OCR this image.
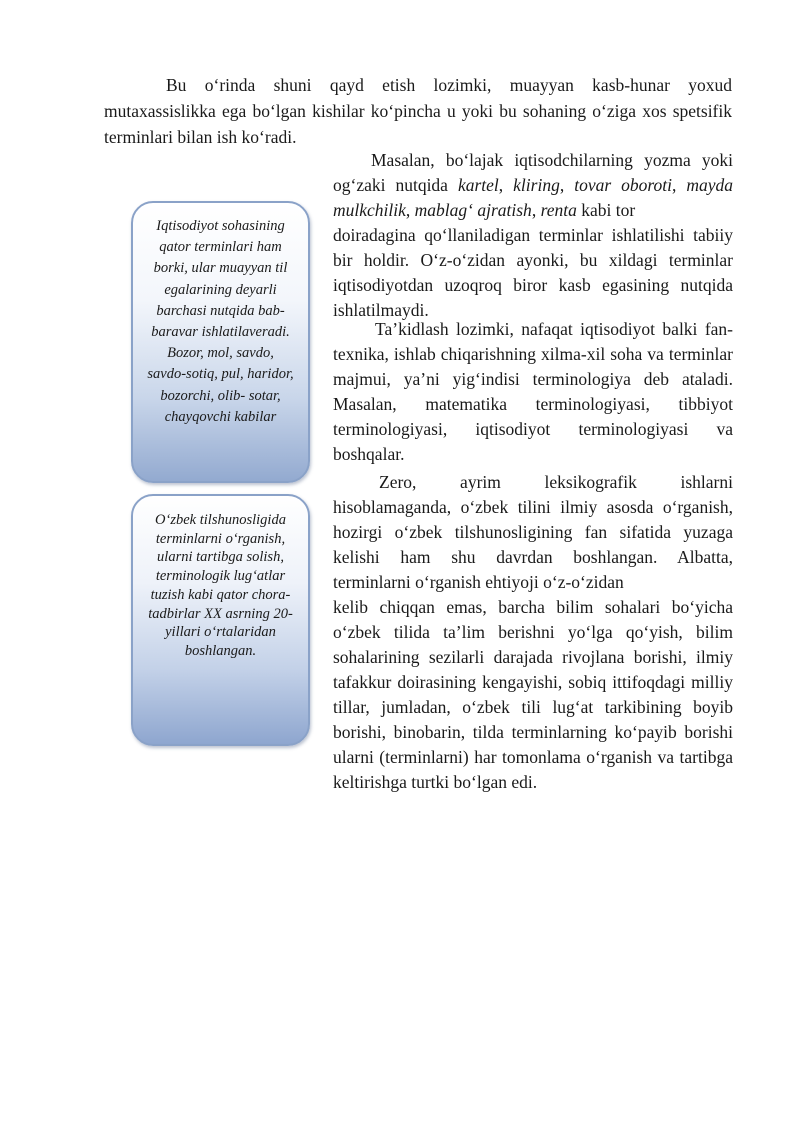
Bu o‘rinda shuni qayd etish lozimki, muayyan kasb-hunar yoxud mutaxassislikka ega bo‘lgan kishilar ko‘pincha u yoki bu sohaning o‘ziga xos spetsifik terminlari bilan ish ko‘radi.

Masalan, bo‘lajak iqtisodchilarning yozma yoki og‘zaki nutqida kartel, kliring, tovar oboroti, mayda mulkchilik, mablag‘ ajratish, renta kabi tor

doiradagina qo‘llaniladigan terminlar ishlatilishi tabiiy bir holdir. O‘z-o‘zidan ayonki, bu xildagi terminlar iqtisodiyotdan uzoqroq biror kasb egasining nutqida ishlatilmaydi.

Ta’kidlash lozimki, nafaqat iqtisodiyot balki fan-texnika, ishlab chiqarishning xilma-xil soha va terminlar majmui, ya’ni yig‘indisi terminologiya deb ataladi. Masalan, matematika terminologiyasi, tibbiyot terminologiyasi, iqtisodiyot terminologiyasi va boshqalar.

Zero, ayrim leksikografik ishlarni hisoblamaganda, o‘zbek tilini ilmiy asosda o‘rganish, hozirgi o‘zbek tilshunosligining fan sifatida yuzaga kelishi ham shu davrdan boshlangan. Albatta, terminlarni o‘rganish ehtiyoji o‘z-o‘zidan

kelib chiqqan emas, barcha bilim sohalari bo‘yicha o‘zbek tilida ta’lim berishni yo‘lga qo‘yish, bilim sohalarining sezilarli darajada rivojlana borishi, ilmiy tafakkur doirasining kengayishi, sobiq ittifoqdagi milliy tillar, jumladan, o‘zbek tili lug‘at tarkibining boyib borishi, binobarin, tilda terminlarning ko‘payib borishi ularni (terminlarni) har tomonlama o‘rganish va tartibga keltirishga turtki bo‘lgan edi.

Iqtisodiyot sohasining qator terminlari ham borki, ular muayyan til egalarining deyarli barchasi nutqida bab- baravar ishlatilaveradi. Bozor, mol, savdo, savdo-sotiq, pul, haridor, bozorchi, olib- sotar, chayqovchi kabilar

O‘zbek tilshunosligida terminlarni o‘rganish, ularni tartibga solish, terminologik lug‘atlar tuzish kabi qator chora- tadbirlar XX asrning 20-yillari o‘rtalaridan boshlangan.
